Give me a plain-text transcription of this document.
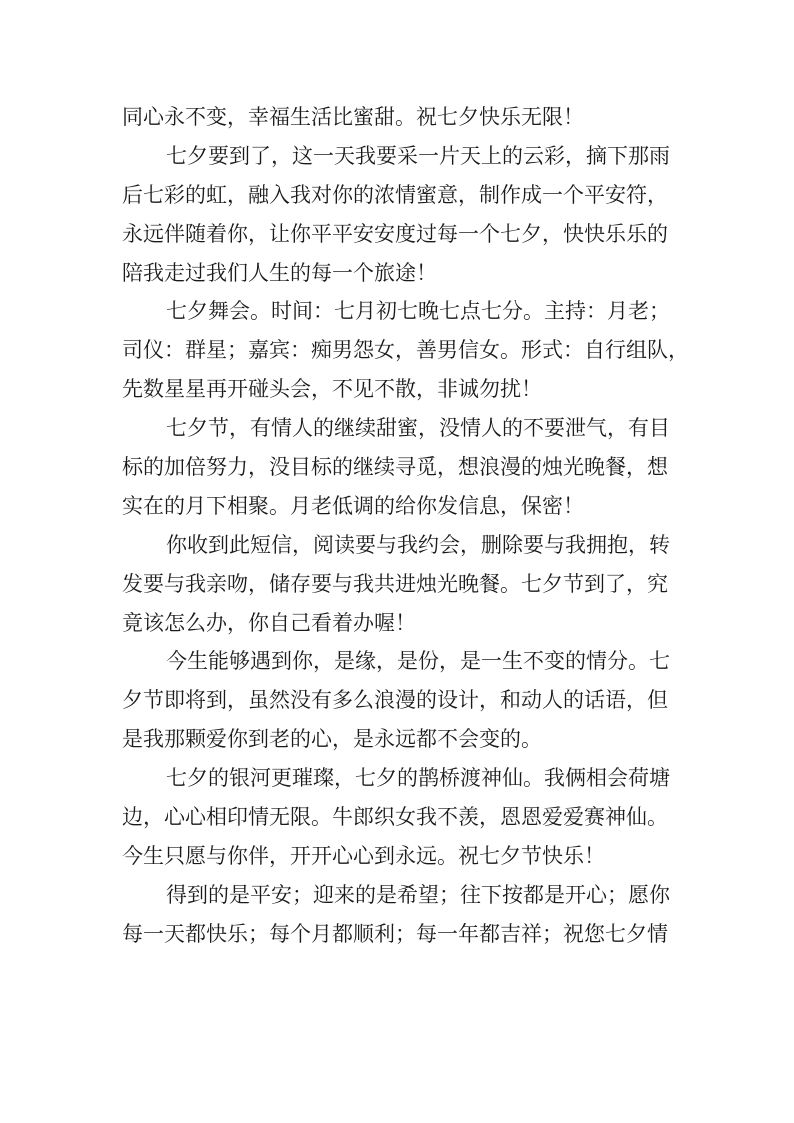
同心永不变，幸福生活比蜜甜。祝七夕快乐无限！
七夕要到了，这一天我要采一片天上的云彩，摘下那雨
后七彩的虹，融入我对你的浓情蜜意，制作成一个平安符，
永远伴随着你，让你平平安安度过每一个七夕，快快乐乐的
陪我走过我们人生的每一个旅途！
七夕舞会。时间：七月初七晚七点七分。主持：月老；
司仪：群星；嘉宾：痴男怨女，善男信女。形式：自行组队，
先数星星再开碰头会，不见不散，非诚勿扰！
七夕节，有情人的继续甜蜜，没情人的不要泄气，有目
标的加倍努力，没目标的继续寻觅，想浪漫的烛光晚餐，想
实在的月下相聚。月老低调的给你发信息，保密！
你收到此短信，阅读要与我约会，删除要与我拥抱，转
发要与我亲吻，储存要与我共进烛光晚餐。七夕节到了，究
竟该怎么办，你自己看着办喔！
今生能够遇到你，是缘，是份，是一生不变的情分。七
夕节即将到，虽然没有多么浪漫的设计，和动人的话语，但
是我那颗爱你到老的心，是永远都不会变的。
七夕的银河更璀璨，七夕的鹊桥渡神仙。我俩相会荷塘
边，心心相印情无限。牛郎织女我不羡，恩恩爱爱赛神仙。
今生只愿与你伴，开开心心到永远。祝七夕节快乐！
得到的是平安；迎来的是希望；往下按都是开心；愿你
每一天都快乐；每个月都顺利；每一年都吉祥；祝您七夕情
